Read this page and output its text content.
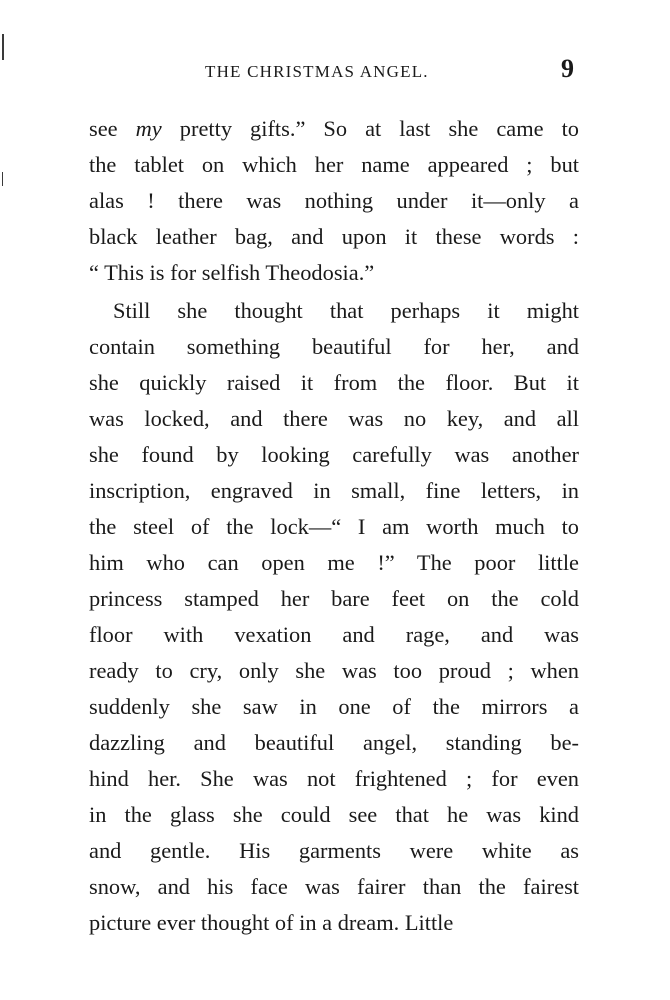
THE CHRISTMAS ANGEL.	9
see my pretty gifts.” So at last she came to
the tablet on which her name appeared ; but
alas ! there was nothing under it—only a
black leather bag, and upon it these words :
“ This is for selfish Theodosia.”
Still she thought that perhaps it might
contain something beautiful for her, and
she quickly raised it from the floor. But it
was locked, and there was no key, and all
she found by looking carefully was another
inscription, engraved in small, fine letters, in
the steel of the lock—“ I am worth much to
him who can open me !” The poor little
princess stamped her bare feet on the cold
floor with vexation and rage, and was
ready to cry, only she was too proud ; when
suddenly she saw in one of the mirrors a
dazzling and beautiful angel, standing be-
hind her. She was not frightened ; for even
in the glass she could see that he was kind
and gentle. His garments were white as
snow, and his face was fairer than the fairest
picture ever thought of in a dream. Little
